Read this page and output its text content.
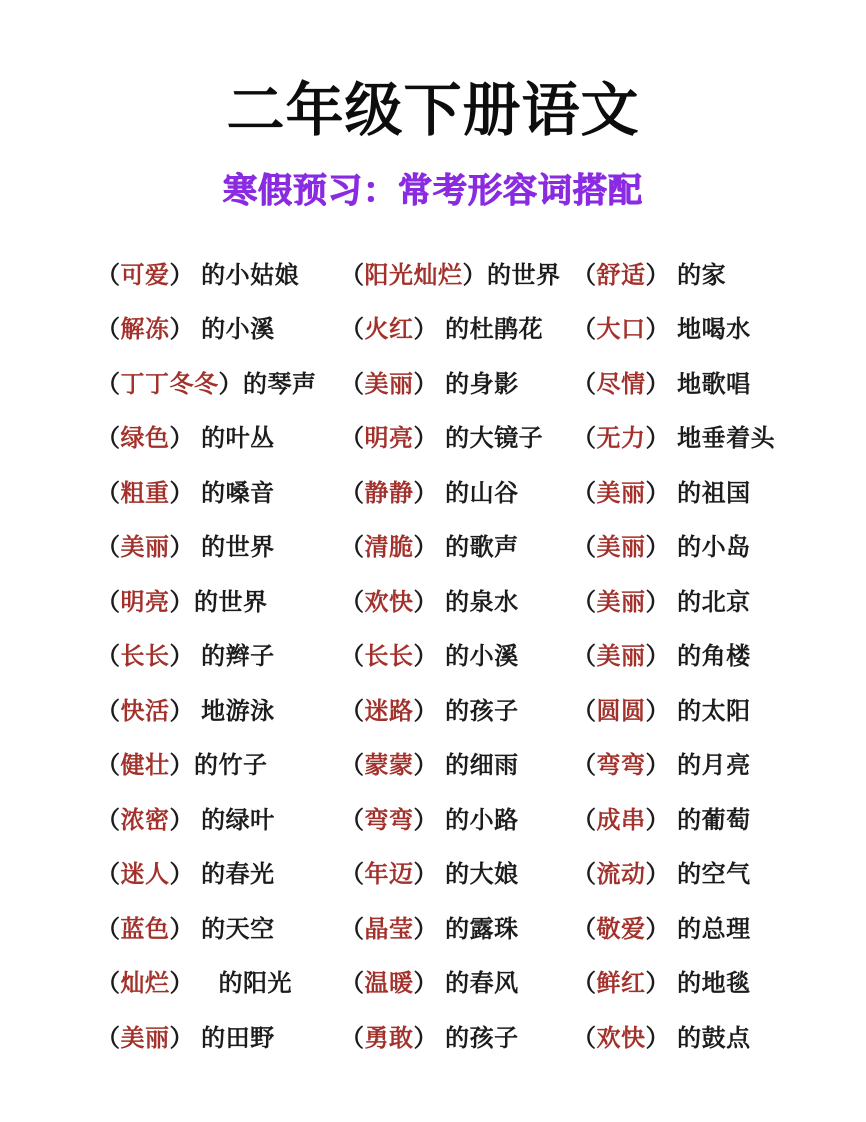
二年级下册语文
寒假预习：常考形容词搭配
（ 可爱 ） 的小姑娘
（ 解冻 ） 的小溪
（ 丁丁冬冬 ） 的琴声
（ 绿色 ） 的叶丛
（ 粗重 ） 的嗓音
（ 美丽 ） 的世界
（ 明亮 ） 的世界
（ 长长 ） 的辫子
（ 快活 ） 地游泳
（ 健壮 ） 的竹子
（ 浓密 ） 的绿叶
（ 迷人 ） 的春光
（ 蓝色 ） 的天空
（ 灿烂 ） 　的阳光
（ 美丽 ） 的田野
（ 阳光灿烂 ） 的世界
（ 火红 ） 的杜鹃花
（ 美丽 ） 的身影
（ 明亮 ） 的大镜子
（ 静静 ） 的山谷
（ 清脆 ） 的歌声
（ 欢快 ） 的泉水
（ 长长 ） 的小溪
（ 迷路 ） 的孩子
（ 蒙蒙 ） 的细雨
（ 弯弯 ） 的小路
（ 年迈 ） 的大娘
（ 晶莹 ） 的露珠
（ 温暖 ） 的春风
（ 勇敢 ） 的孩子
（ 舒适 ） 的家
（ 大口 ） 地喝水
（ 尽情 ） 地歌唱
（ 无力 ） 地垂着头
（ 美丽 ） 的祖国
（ 美丽 ） 的小岛
（ 美丽 ） 的北京
（ 美丽 ） 的角楼
（ 圆圆 ） 的太阳
（ 弯弯 ） 的月亮
（ 成串 ） 的葡萄
（ 流动 ） 的空气
（ 敬爱 ） 的总理
（ 鲜红 ） 的地毯
（ 欢快 ） 的鼓点
